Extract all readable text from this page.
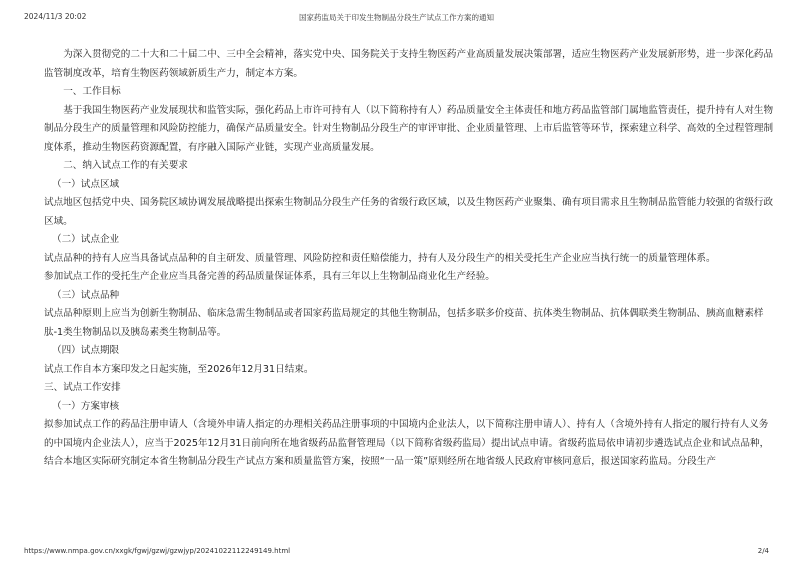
2024/11/3 20:02	国家药监局关于印发生物制品分段生产试点工作方案的通知

为深入贯彻党的二十大和二十届二中、三中全会精神，落实党中央、国务院关于支持生物医药产业高质量发展决策部署，适应生物医药产业发展新形势，进一步深化药品监管制度改革，培育生物医药领域新质生产力，制定本方案。

一、工作目标

基于我国生物医药产业发展现状和监管实际，强化药品上市许可持有人（以下简称持有人）药品质量安全主体责任和地方药品监管部门属地监管责任，提升持有人对生物制品分段生产的质量管理和风险防控能力，确保产品质量安全。针对生物制品分段生产的审评审批、企业质量管理、上市后监管等环节，探索建立科学、高效的全过程管理制度体系，推动生物医药资源配置，有序融入国际产业链，实现产业高质量发展。

二、纳入试点工作的有关要求

（一）试点区域

试点地区包括党中央、国务院区域协调发展战略提出探索生物制品分段生产任务的省级行政区域，以及生物医药产业聚集、确有项目需求且生物制品监管能力较强的省级行政区域。

（二）试点企业

试点品种的持有人应当具备试点品种的自主研发、质量管理、风险防控和责任赔偿能力，持有人及分段生产的相关受托生产企业应当执行统一的质量管理体系。

参加试点工作的受托生产企业应当具备完善的药品质量保证体系，具有三年以上生物制品商业化生产经验。

（三）试点品种

试点品种原则上应当为创新生物制品、临床急需生物制品或者国家药监局规定的其他生物制品，包括多联多价疫苗、抗体类生物制品、抗体偶联类生物制品、胰高血糖素样肽-1类生物制品以及胰岛素类生物制品等。

（四）试点期限

试点工作自本方案印发之日起实施，至2026年12月31日结束。

三、试点工作安排

（一）方案审核

拟参加试点工作的药品注册申请人（含境外申请人指定的办理相关药品注册事项的中国境内企业法人，以下简称注册申请人）、持有人（含境外持有人指定的履行持有人义务的中国境内企业法人），应当于2025年12月31日前向所在地省级药品监督管理局（以下简称省级药监局）提出试点申请。省级药监局依申请初步遴选试点企业和试点品种，结合本地区实际研究制定本省生物制品分段生产试点方案和质量监管方案，按照“一品一策”原则经所在地省级人民政府审核同意后，报送国家药监局。分段生产

https://www.nmpa.gov.cn/xxgk/fgwj/gzwj/gzwjyp/20241022112249149.html	2/4
